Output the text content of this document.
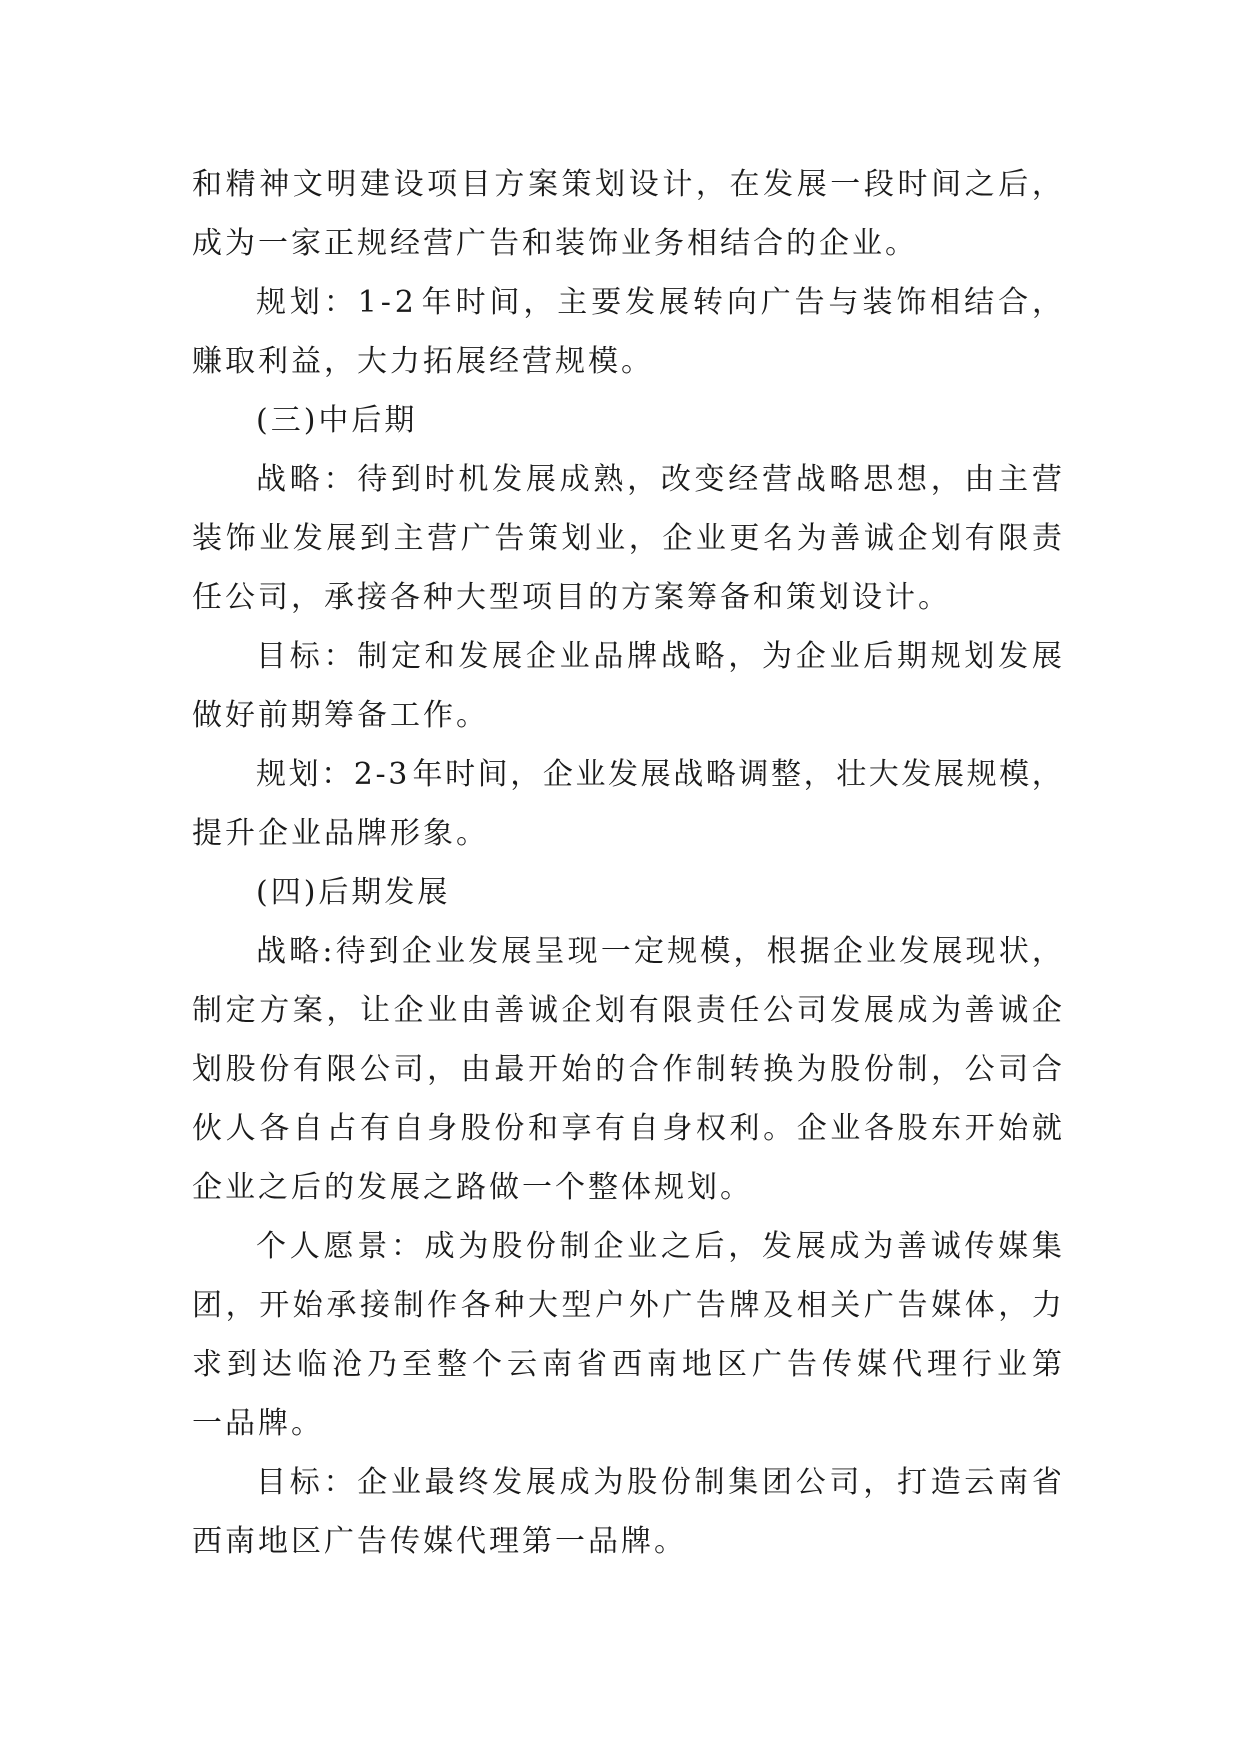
和 精 神 文 明 建 设 项 目 方 案 策 划 设 计 ， 在 发 展 一 段 时 间 之 后 ，
成为一家正规经营广告和装饰业务相结合的企业。
规 划 ： 1 - 2 年 时 间 ， 主 要 发 展 转 向 广 告 与 装 饰 相 结 合 ，
赚取利益，大力拓展经营规模。
(三)中后期
战 略 ： 待 到 时 机 发 展 成 熟 ， 改 变 经 营 战 略 思 想 ， 由 主 营
装 饰 业 发 展 到 主 营 广 告 策 划 业 ， 企 业 更 名 为 善 诚 企 划 有 限 责
任公司，承接各种大型项目的方案筹备和策划设计。
目 标 ： 制 定 和 发 展 企 业 品 牌 战 略 ， 为 企 业 后 期 规 划 发 展
做好前期筹备工作。
规 划 ： 2 - 3 年 时 间 ， 企 业 发 展 战 略 调 整 ， 壮 大 发 展 规 模 ，
提升企业品牌形象。
(四)后期发展
战 略 : 待 到 企 业 发 展 呈 现 一 定 规 模 ， 根 据 企 业 发 展 现 状 ，
制 定 方 案 ， 让 企 业 由 善 诚 企 划 有 限 责 任 公 司 发 展 成 为 善 诚 企
划 股 份 有 限 公 司 ， 由 最 开 始 的 合 作 制 转 换 为 股 份 制 ， 公 司 合
伙 人 各 自 占 有 自 身 股 份 和 享 有 自 身 权 利 。 企 业 各 股 东 开 始 就
企业之后的发展之路做一个整体规划。
个 人 愿 景 ： 成 为 股 份 制 企 业 之 后 ， 发 展 成 为 善 诚 传 媒 集
团 ， 开 始 承 接 制 作 各 种 大 型 户 外 广 告 牌 及 相 关 广 告 媒 体 ， 力
求 到 达 临 沧 乃 至 整 个 云 南 省 西 南 地 区 广 告 传 媒 代 理 行 业 第
一品牌。
目 标 ： 企 业 最 终 发 展 成 为 股 份 制 集 团 公 司 ， 打 造 云 南 省
西南地区广告传媒代理第一品牌。
